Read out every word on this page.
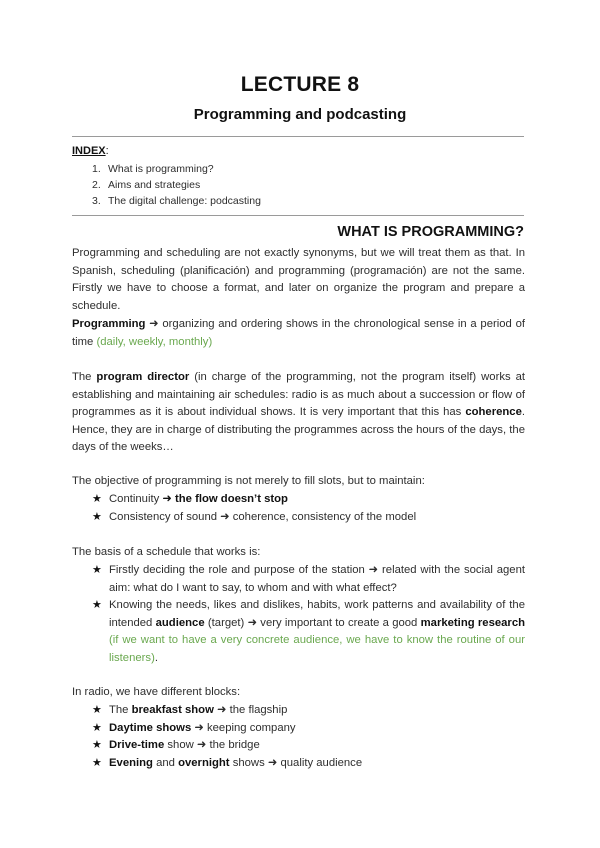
LECTURE 8
Programming and podcasting
INDEX:
1. What is programming?
2. Aims and strategies
3. The digital challenge: podcasting
WHAT IS PROGRAMMING?
Programming and scheduling are not exactly synonyms, but we will treat them as that. In Spanish, scheduling (planificación) and programming (programación) are not the same. Firstly we have to choose a format, and later on organize the program and prepare a schedule.
Programming ➜ organizing and ordering shows in the chronological sense in a period of time (daily, weekly, monthly)
The program director (in charge of the programming, not the program itself) works at establishing and maintaining air schedules: radio is as much about a succession or flow of programmes as it is about individual shows. It is very important that this has coherence. Hence, they are in charge of distributing the programmes across the hours of the days, the days of the weeks…
The objective of programming is not merely to fill slots, but to maintain:
★ Continuity ➜ the flow doesn’t stop
★ Consistency of sound ➜ coherence, consistency of the model
The basis of a schedule that works is:
★ Firstly deciding the role and purpose of the station ➜ related with the social agent aim: what do I want to say, to whom and with what effect?
★ Knowing the needs, likes and dislikes, habits, work patterns and availability of the intended audience (target) ➜ very important to create a good marketing research (if we want to have a very concrete audience, we have to know the routine of our listeners).
In radio, we have different blocks:
★ The breakfast show ➜ the flagship
★ Daytime shows ➜ keeping company
★ Drive-time show ➜ the bridge
★ Evening and overnight shows ➜ quality audience
